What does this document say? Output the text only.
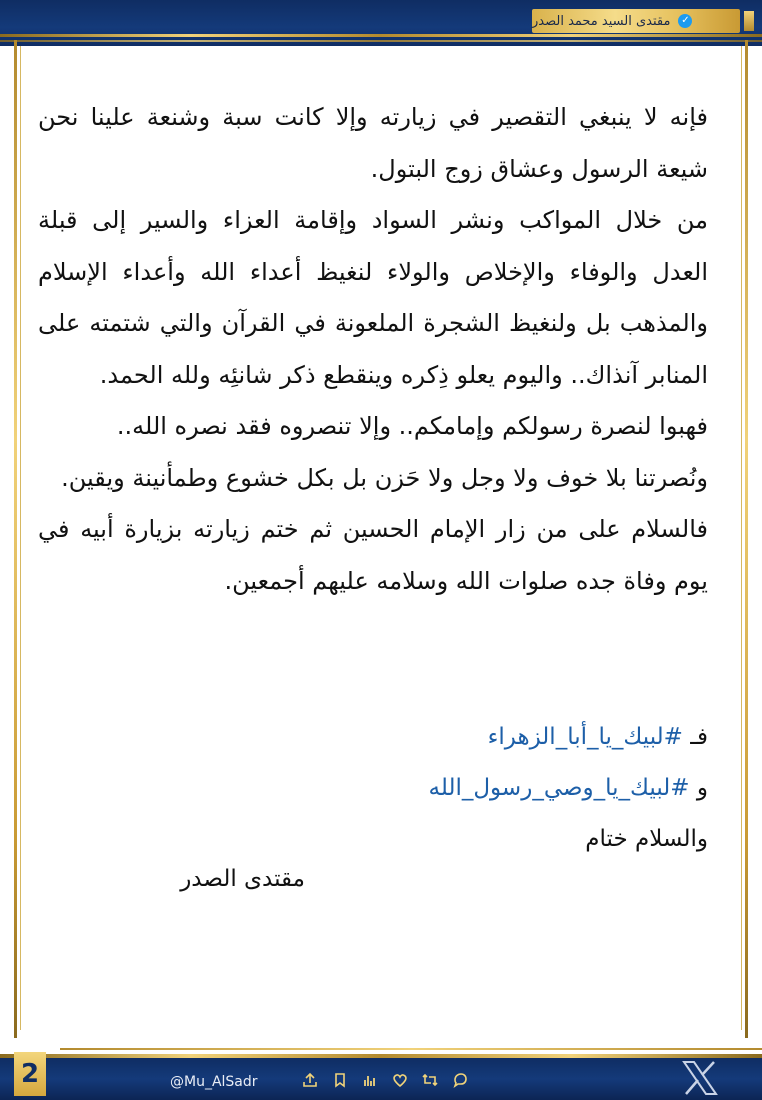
✓
مقتدى السيد محمد الصدر

فإنه لا ينبغي التقصير في زيارته وإلا كانت سبة وشنعة علينا نحن شيعة الرسول وعشاق زوج البتول.

من خلال المواكب ونشر السواد وإقامة العزاء والسير إلى قبلة العدل والوفاء والإخلاص والولاء لنغيظ أعداء الله وأعداء الإسلام والمذهب بل ولنغيظ الشجرة الملعونة في القرآن والتي شتمته على المنابر آنذاك.. واليوم يعلو ذِكره وينقطع ذكر شانئِه ولله الحمد.

فهبوا لنصرة رسولكم وإمامكم.. وإلا تنصروه فقد نصره الله..

ونُصرتنا بلا خوف ولا وجل ولا حَزن بل بكل خشوع وطمأنينة ويقين.

فالسلام على من زار الإمام الحسين ثم ختم زيارته بزيارة أبيه في يوم وفاة جده صلوات الله وسلامه عليهم أجمعين.

فـ #لبيك_يا_أبا_الزهراء
و #لبيك_يا_وصي_رسول_الله
والسلام ختام
مقتدى الصدر
@Mu_AlSadr
2
